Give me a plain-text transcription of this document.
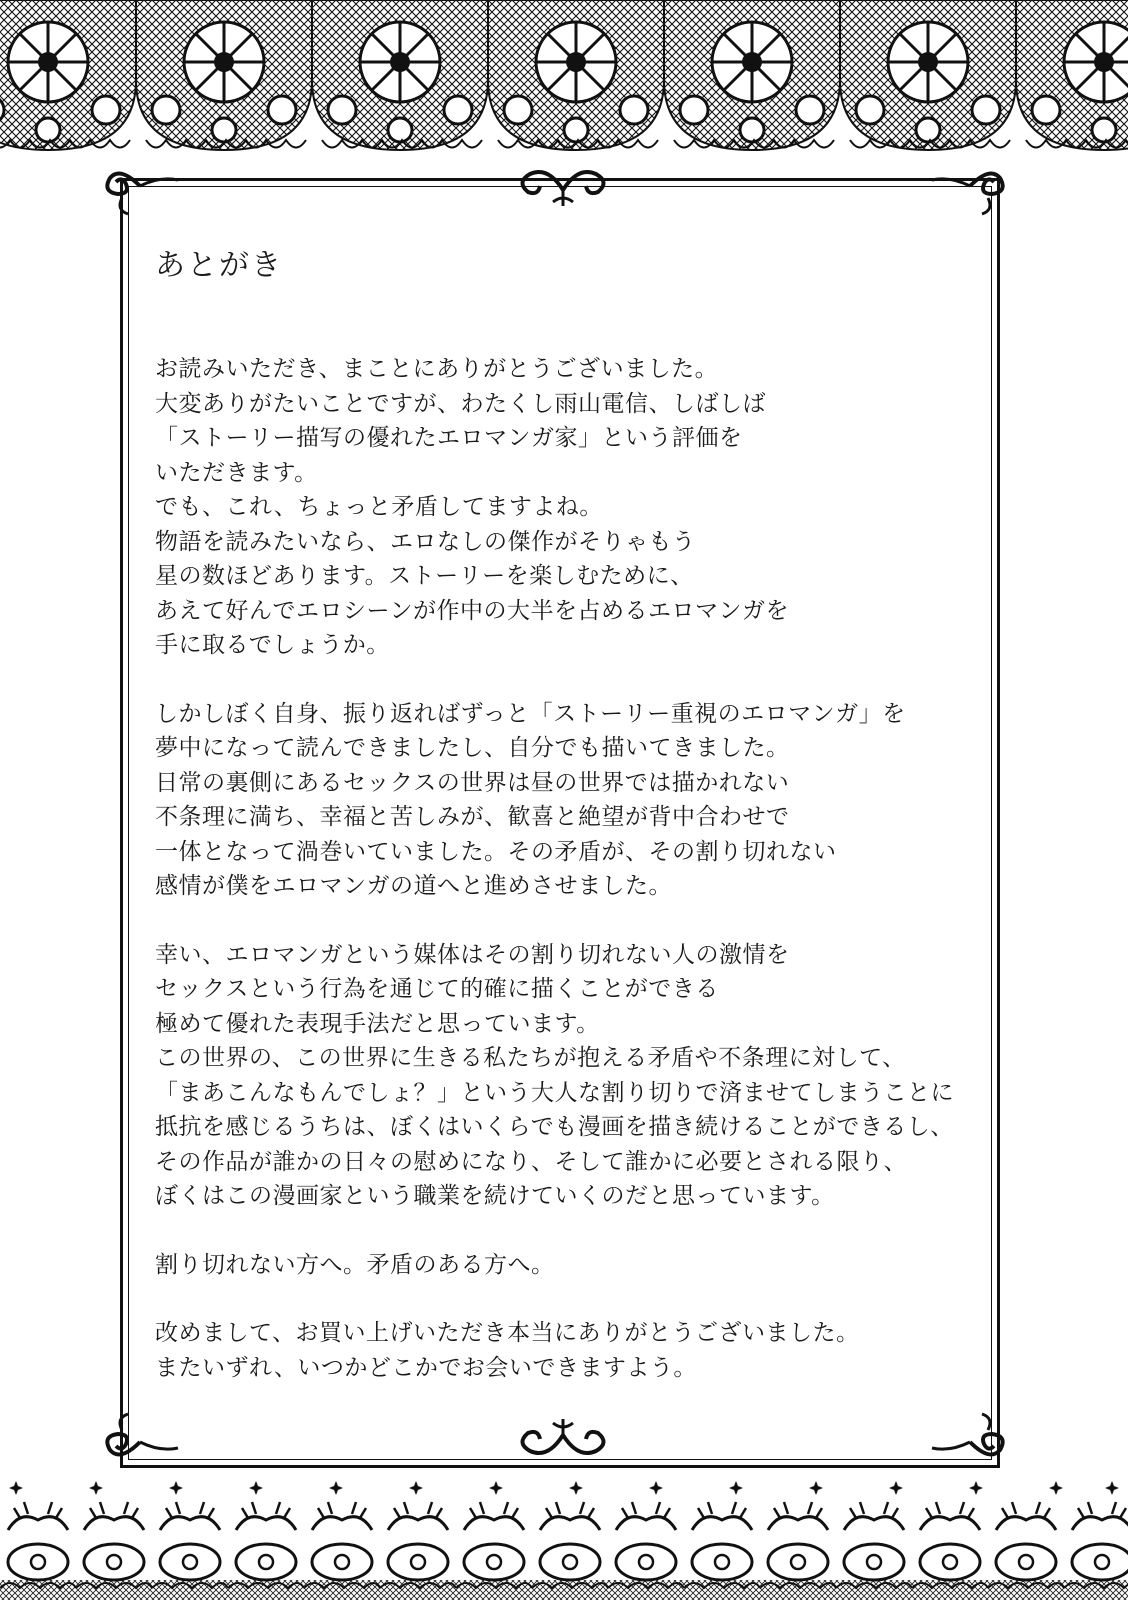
あとがき

お読みいただき、まことにありがとうございました。
大変ありがたいことですが、わたくし雨山電信、しばしば
「ストーリー描写の優れたエロマンガ家」という評価を
いただきます。
でも、これ、ちょっと矛盾してますよね。
物語を読みたいなら、エロなしの傑作がそりゃもう
星の数ほどあります。ストーリーを楽しむために、
あえて好んでエロシーンが作中の大半を占めるエロマンガを
手に取るでしょうか。

しかしぼく自身、振り返ればずっと「ストーリー重視のエロマンガ」を
夢中になって読んできましたし、自分でも描いてきました。
日常の裏側にあるセックスの世界は昼の世界では描かれない
不条理に満ち、幸福と苦しみが、歓喜と絶望が背中合わせで
一体となって渦巻いていました。その矛盾が、その割り切れない
感情が僕をエロマンガの道へと進めさせました。

幸い、エロマンガという媒体はその割り切れない人の激情を
セックスという行為を通じて的確に描くことができる
極めて優れた表現手法だと思っています。
この世界の、この世界に生きる私たちが抱える矛盾や不条理に対して、
「まあこんなもんでしょ？」という大人な割り切りで済ませてしまうことに
抵抗を感じるうちは、ぼくはいくらでも漫画を描き続けることができるし、
その作品が誰かの日々の慰めになり、そして誰かに必要とされる限り、
ぼくはこの漫画家という職業を続けていくのだと思っています。

割り切れない方へ。矛盾のある方へ。

改めまして、お買い上げいただき本当にありがとうございました。
またいずれ、いつかどこかでお会いできますよう。
